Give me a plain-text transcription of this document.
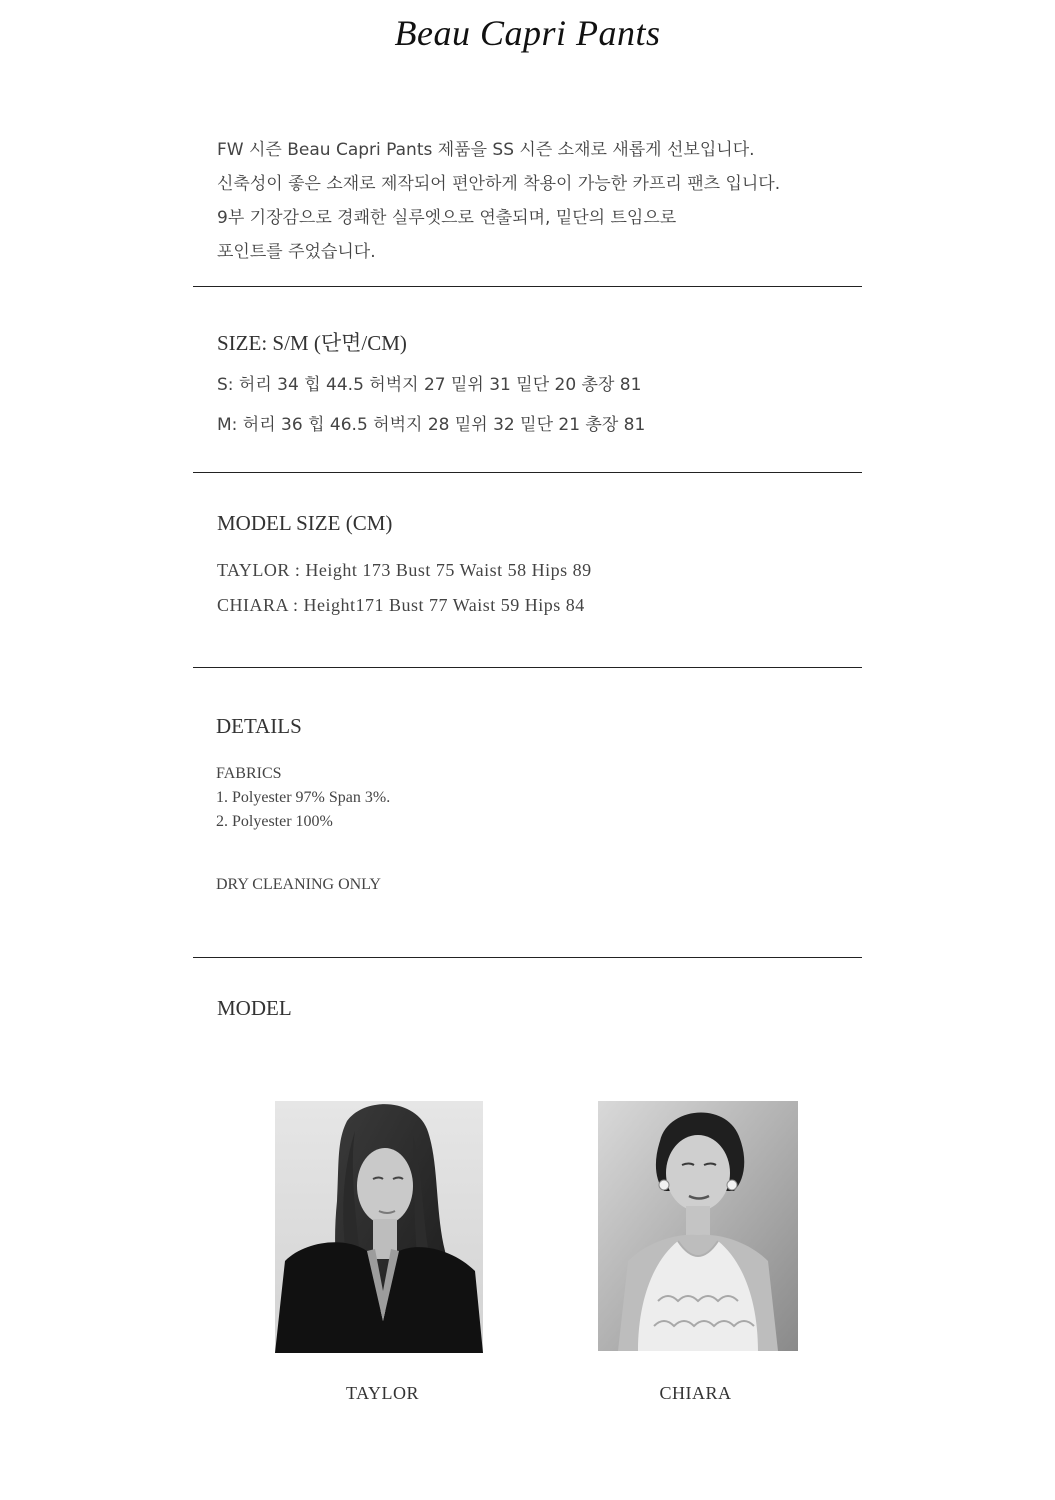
Beau Capri Pants
FW 시즌 Beau Capri Pants 제품을 SS 시즌 소재로 새롭게 선보입니다.
신축성이 좋은 소재로 제작되어 편안하게 착용이 가능한 카프리 팬츠 입니다.
9부 기장감으로 경쾌한 실루엣으로 연출되며, 밑단의 트임으로
포인트를 주었습니다.
SIZE: S/M (단면/CM)
S: 허리 34 힙 44.5 허벅지 27 밑위 31 밑단 20 총장 81
M: 허리 36 힙 46.5 허벅지 28 밑위 32 밑단 21 총장 81
MODEL SIZE (CM)
TAYLOR : Height 173 Bust 75 Waist 58 Hips 89
CHIARA : Height171 Bust 77 Waist 59 Hips 84
DETAILS
FABRICS
1. Polyester 97% Span 3%.
2. Polyester 100%
DRY CLEANING ONLY
MODEL
TAYLOR	CHIARA
